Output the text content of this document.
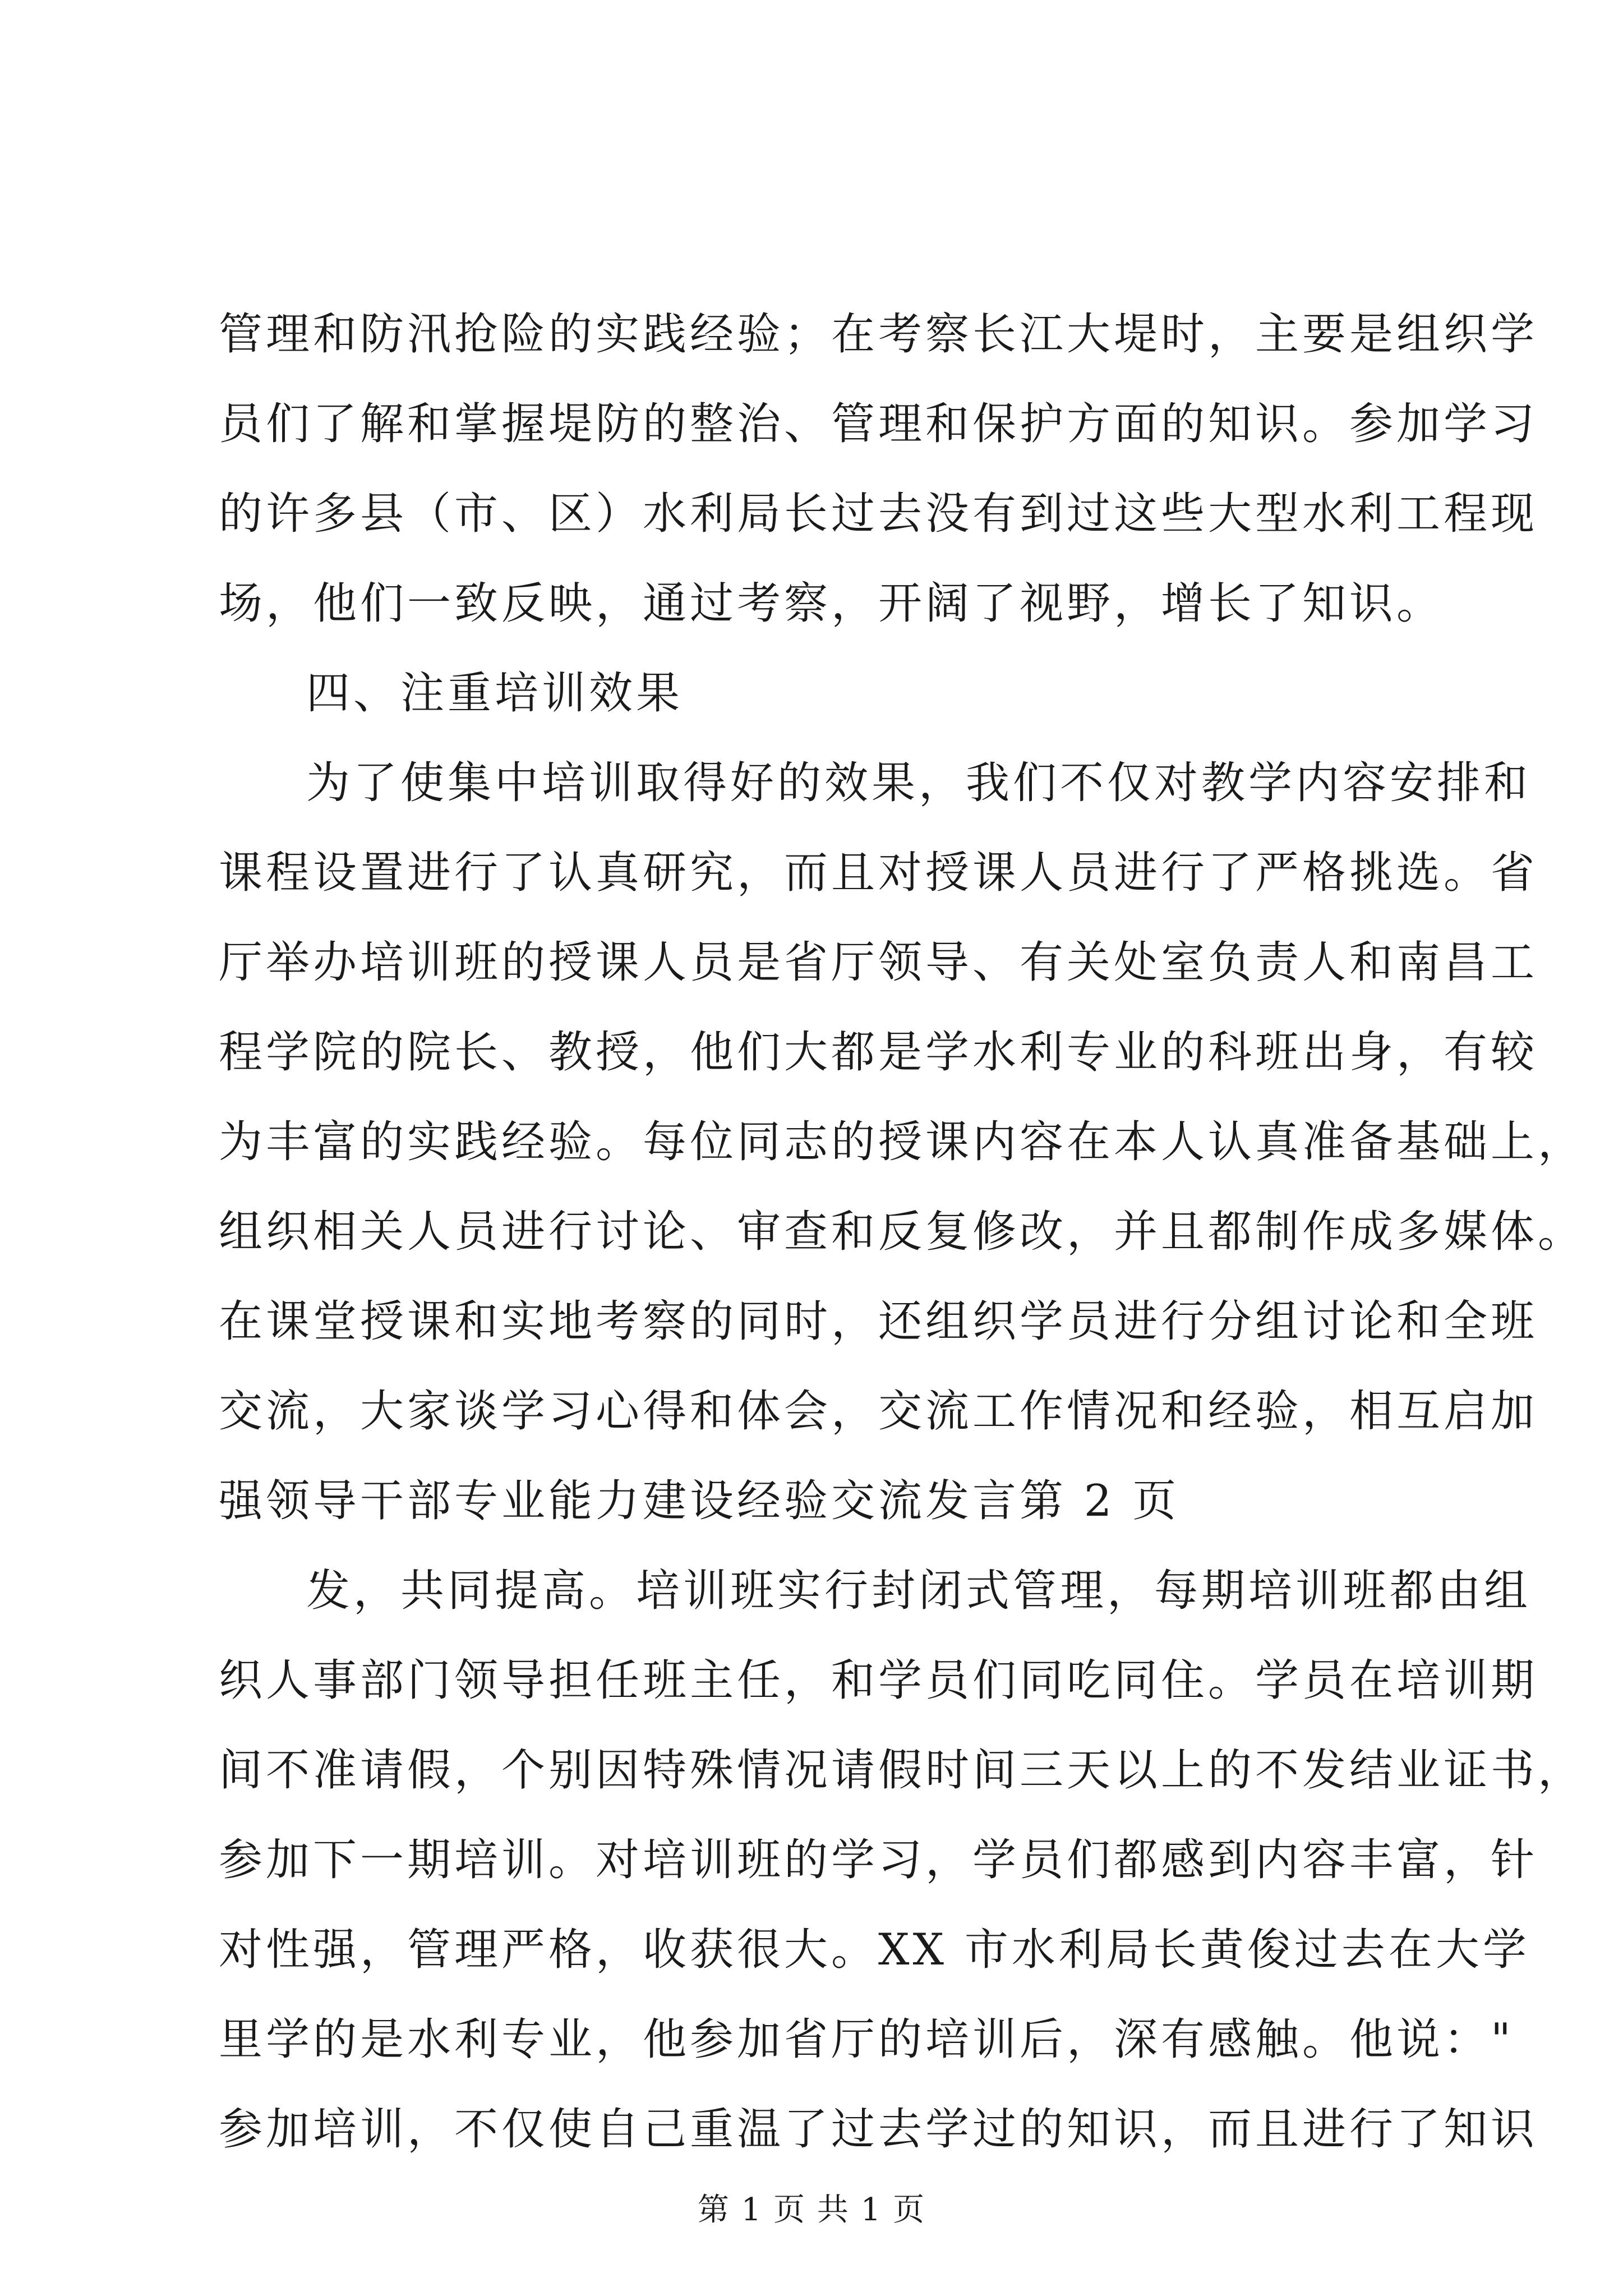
管理和防汛抢险的实践经验；在考察长江大堤时，主要是组织学
员们了解和掌握堤防的整治、管理和保护方面的知识。参加学习
的许多县（市、区）水利局长过去没有到过这些大型水利工程现
场，他们一致反映，通过考察，开阔了视野，增长了知识。
四、注重培训效果
为了使集中培训取得好的效果，我们不仅对教学内容安排和
课程设置进行了认真研究，而且对授课人员进行了严格挑选。省
厅举办培训班的授课人员是省厅领导、有关处室负责人和南昌工
程学院的院长、教授，他们大都是学水利专业的科班出身，有较
为丰富的实践经验。每位同志的授课内容在本人认真准备基础上，
组织相关人员进行讨论、审查和反复修改，并且都制作成多媒体。
在课堂授课和实地考察的同时，还组织学员进行分组讨论和全班
交流，大家谈学习心得和体会，交流工作情况和经验，相互启加
强领导干部专业能力建设经验交流发言第 2 页
发，共同提高。培训班实行封闭式管理，每期培训班都由组
织人事部门领导担任班主任，和学员们同吃同住。学员在培训期
间不准请假，个别因特殊情况请假时间三天以上的不发结业证书，
参加下一期培训。对培训班的学习，学员们都感到内容丰富，针
对性强，管理严格，收获很大。XX 市水利局长黄俊过去在大学
里学的是水利专业，他参加省厅的培训后，深有感触。他说："
参加培训，不仅使自己重温了过去学过的知识，而且进行了知识
第 1 页 共 1 页
